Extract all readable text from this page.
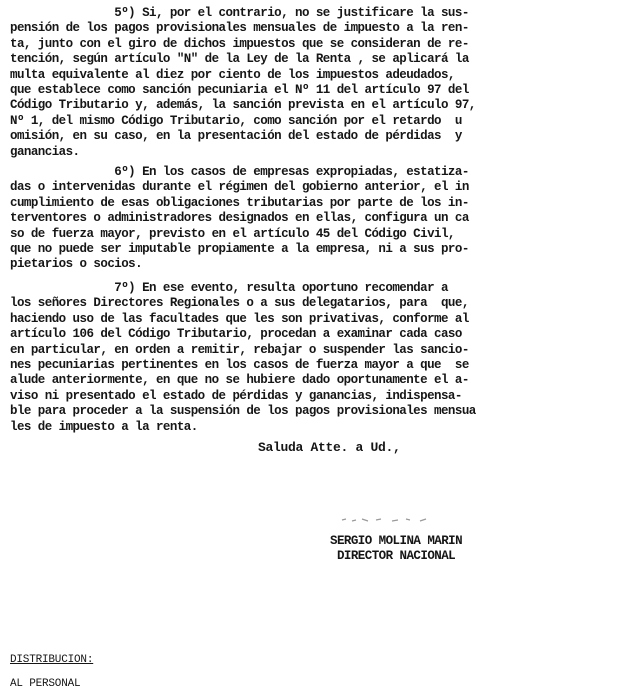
5º) Si, por el contrario, no se justificare la sus-
pensión de los pagos provisionales mensuales de impuesto a la ren-
ta, junto con el giro de dichos impuestos que se consideran de re-
tención, según artículo "N" de la Ley de la Renta , se aplicará la
multa equivalente al diez por ciento de los impuestos adeudados,
que establece como sanción pecuniaria el Nº 11 del artículo 97 del
Código Tributario y, además, la sanción prevista en el artículo 97,
Nº 1, del mismo Código Tributario, como sanción por el retardo  u
omisión, en su caso, en la presentación del estado de pérdidas  y
ganancias.
6º) En los casos de empresas expropiadas, estatiza-
das o intervenidas durante el régimen del gobierno anterior, el in
cumplimiento de esas obligaciones tributarias por parte de los in-
terventores o administradores designados en ellas, configura un ca
so de fuerza mayor, previsto en el artículo 45 del Código Civil,
que no puede ser imputable propiamente a la empresa, ni a sus pro-
pietarios o socios.
7º) En ese evento, resulta oportuno recomendar a
los señores Directores Regionales o a sus delegatarios, para  que,
haciendo uso de las facultades que les son privativas, conforme al
artículo 106 del Código Tributario, procedan a examinar cada caso
en particular, en orden a remitir, rebajar o suspender las sancio-
nes pecuniarias pertinentes en los casos de fuerza mayor a que  se
alude anteriormente, en que no se hubiere dado oportunamente el a-
viso ni presentado el estado de pérdidas y ganancias, indispensa-
ble para proceder a la suspensión de los pagos provisionales mensua
les de impuesto a la renta.
Saluda Atte. a Ud.,
SERGIO MOLINA MARIN
DIRECTOR NACIONAL
DISTRIBUCION:
AL PERSONAL
